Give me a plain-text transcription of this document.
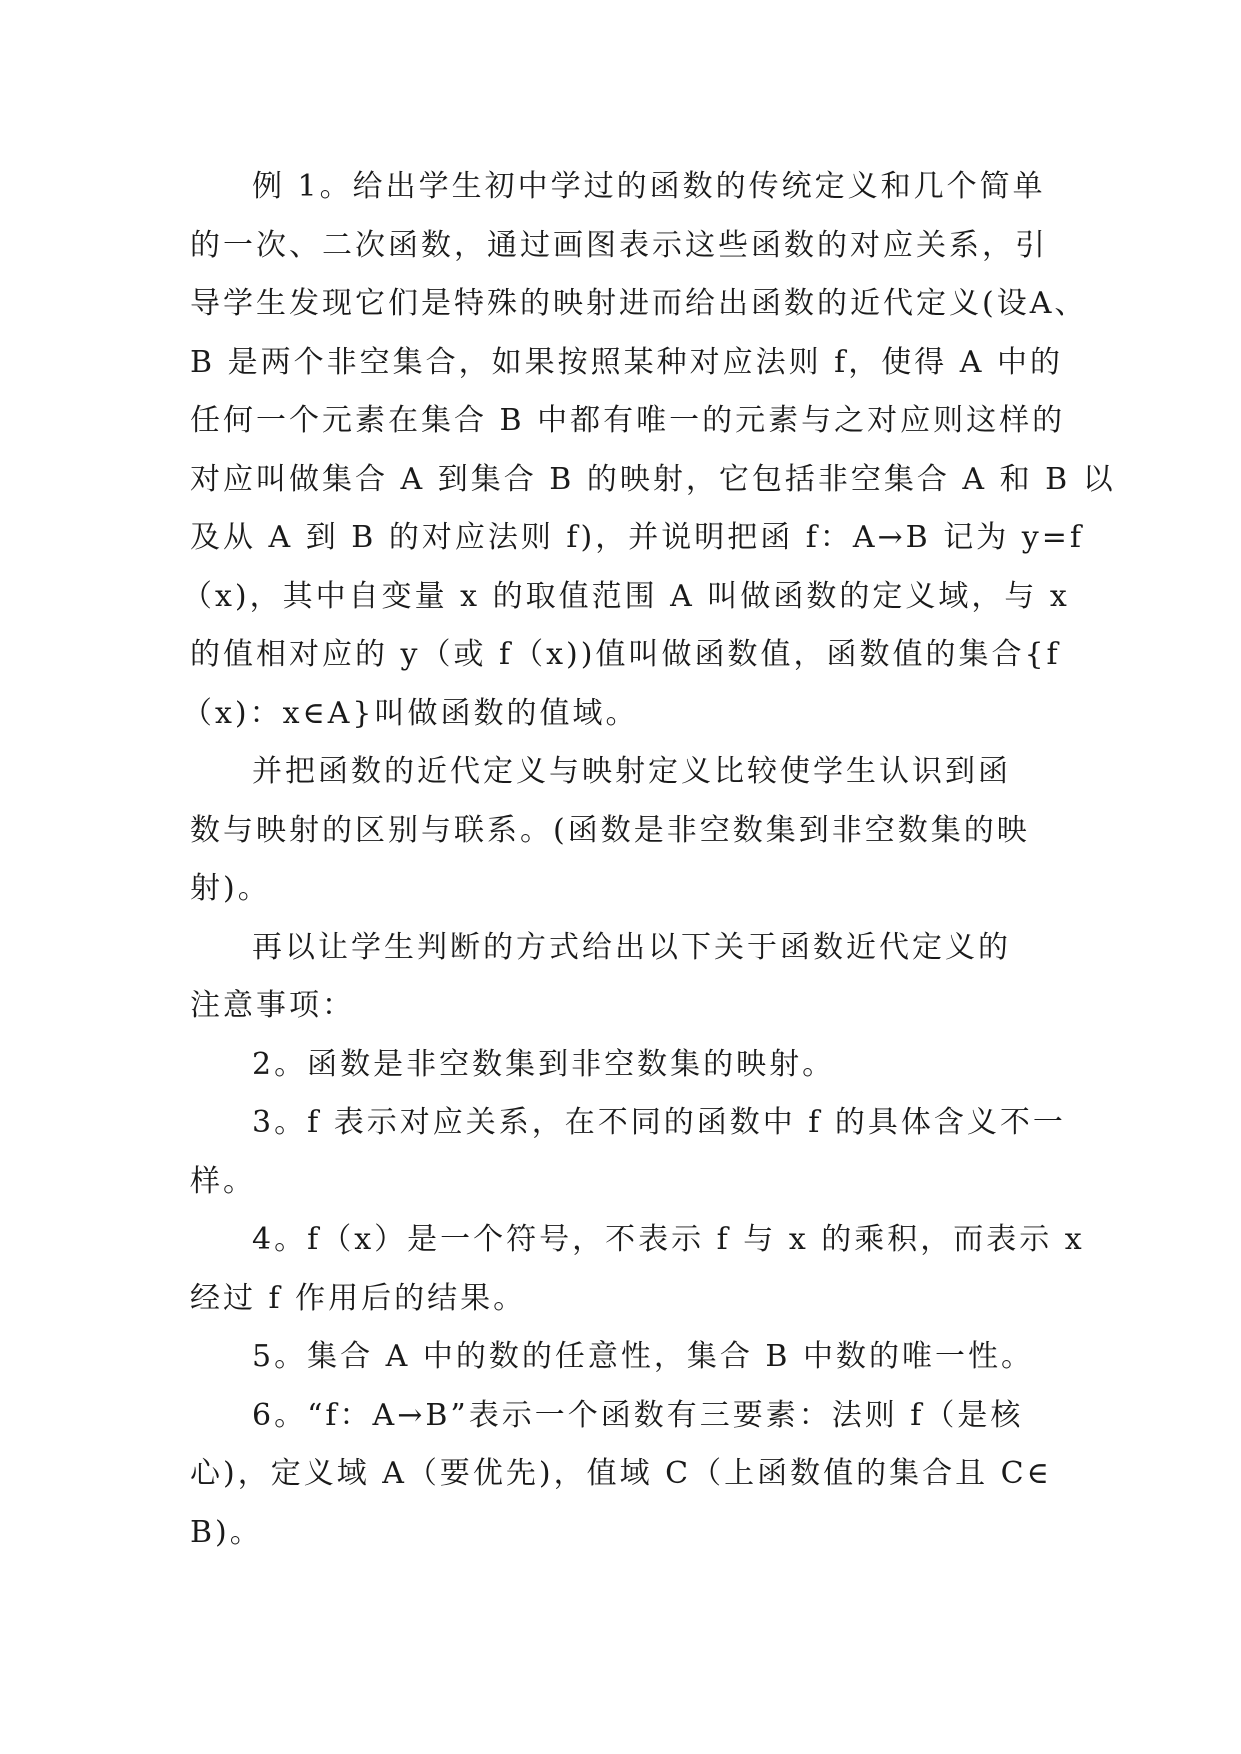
例 1。给出学生初中学过的函数的传统定义和几个简单
的一次、二次函数，通过画图表示这些函数的对应关系，引
导学生发现它们是特殊的映射进而给出函数的近代定义(设A、
B 是两个非空集合，如果按照某种对应法则 f，使得 A 中的
任何一个元素在集合 B 中都有唯一的元素与之对应则这样的
对应叫做集合 A 到集合 B 的映射，它包括非空集合 A 和 B 以
及从 A 到 B 的对应法则 f)，并说明把函 f：A→B 记为 y=f
（x)，其中自变量 x 的取值范围 A 叫做函数的定义域，与 x
的值相对应的 y（或 f（x))值叫做函数值，函数值的集合{f
（x)：x∈A}叫做函数的值域。
并把函数的近代定义与映射定义比较使学生认识到函
数与映射的区别与联系。(函数是非空数集到非空数集的映
射)。
再以让学生判断的方式给出以下关于函数近代定义的
注意事项：
2。函数是非空数集到非空数集的映射。
3。f 表示对应关系，在不同的函数中 f 的具体含义不一
样。
4。f（x）是一个符号，不表示 f 与 x 的乘积，而表示 x
经过 f 作用后的结果。
5。集合 A 中的数的任意性，集合 B 中数的唯一性。
6。“f：A→B”表示一个函数有三要素：法则 f（是核
心)，定义域 A（要优先)，值域 C（上函数值的集合且 C∈
B)。
